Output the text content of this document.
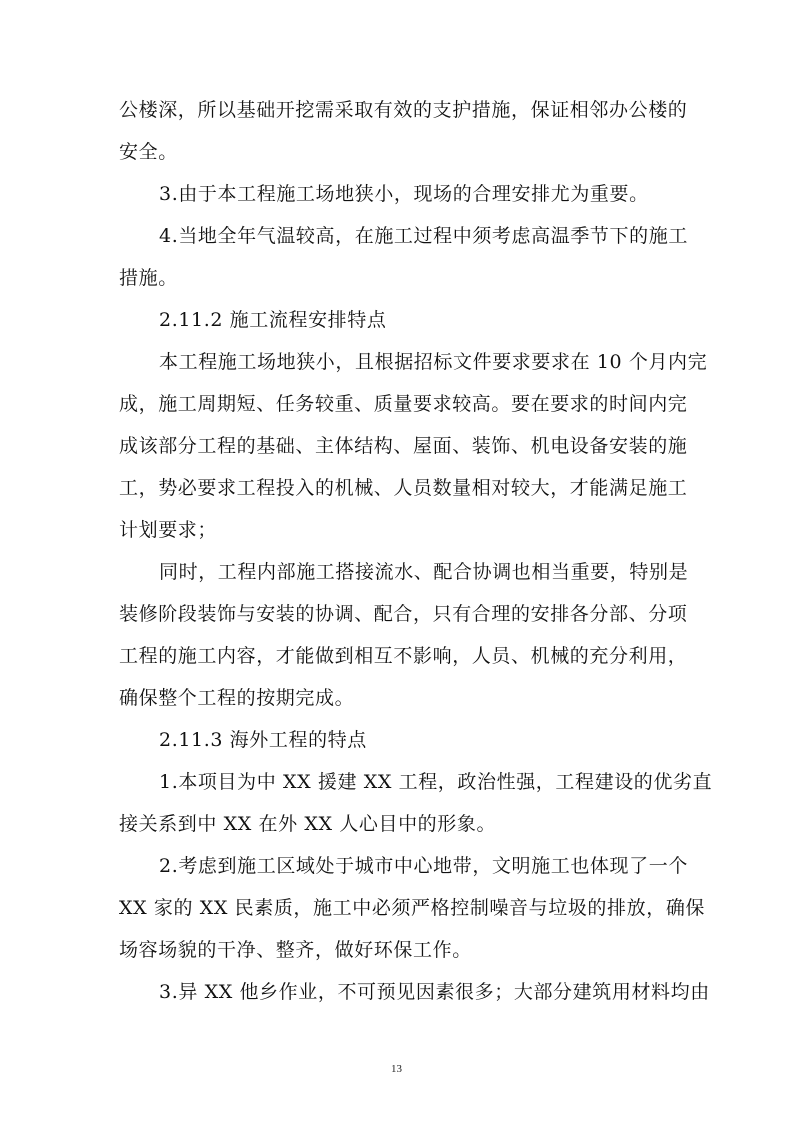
公楼深，所以基础开挖需采取有效的支护措施，保证相邻办公楼的
安全。
3.由于本工程施工场地狭小，现场的合理安排尤为重要。
4.当地全年气温较高，在施工过程中须考虑高温季节下的施工
措施。
2.11.2 施工流程安排特点
本工程施工场地狭小，且根据招标文件要求要求在 10 个月内完
成，施工周期短、任务较重、质量要求较高。要在要求的时间内完
成该部分工程的基础、主体结构、屋面、装饰、机电设备安装的施
工，势必要求工程投入的机械、人员数量相对较大，才能满足施工
计划要求；
同时，工程内部施工搭接流水、配合协调也相当重要，特别是
装修阶段装饰与安装的协调、配合，只有合理的安排各分部、分项
工程的施工内容，才能做到相互不影响，人员、机械的充分利用，
确保整个工程的按期完成。
2.11.3 海外工程的特点
1.本项目为中 XX 援建 XX 工程，政治性强，工程建设的优劣直
接关系到中 XX 在外 XX 人心目中的形象。
2.考虑到施工区域处于城市中心地带，文明施工也体现了一个
XX 家的 XX 民素质，施工中必须严格控制噪音与垃圾的排放，确保
场容场貌的干净、整齐，做好环保工作。
3.异 XX 他乡作业，不可预见因素很多；大部分建筑用材料均由
13
